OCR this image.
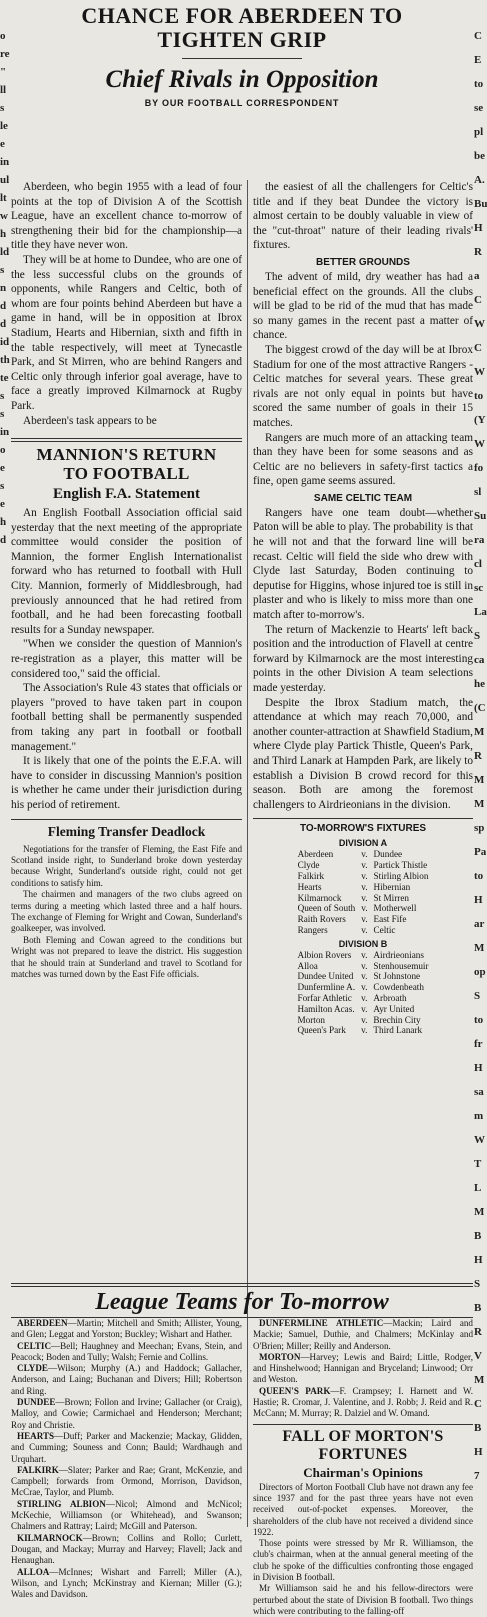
o
re
"
ll
s
le
e
in
ul
lt
w
h
ld
s
n
d
d
id
th
te
s
s
in
o
e
s
e
h
d
C
E
to
se
pl
be
A.
Bu
H
R
a
C
W
C
W
to
(Y
W
fo
sl
Su
ra
cl
sc
La
S
ca
he
(C
M
R
M
M
sp
Pa
to
H
ar
M
op
S
to
fr
H
sa
m
W
T
L
M
B
H
S
B
R
V
M
C
B
H
7
CHANCE FOR ABERDEEN TO
TIGHTEN GRIP
Chief Rivals in Opposition
BY OUR FOOTBALL CORRESPONDENT

Aberdeen, who begin 1955 with a lead of four points at the top of Division A of the Scottish League, have an excellent chance to-morrow of strengthening their bid for the championship—a title they have never won.

They will be at home to Dundee, who are one of the less successful clubs on the grounds of opponents, while Rangers and Celtic, both of whom are four points behind Aberdeen but have a game in hand, will be in opposition at Ibrox Stadium, Hearts and Hibernian, sixth and fifth in the table respectively, will meet at Tynecastle Park, and St Mirren, who are behind Rangers and Celtic only through inferior goal average, have to face a greatly improved Kilmarnock at Rugby Park.

Aberdeen's task appears to be

MANNION'S RETURN
TO FOOTBALL
English F.A. Statement

An English Football Association official said yesterday that the next meeting of the appropriate committee would consider the position of Mannion, the former English Internationalist forward who has returned to football with Hull City. Mannion, formerly of Middlesbrough, had previously announced that he had retired from football, and he had been forecasting football results for a Sunday newspaper.

"When we consider the question of Mannion's re-registration as a player, this matter will be considered too," said the official.

The Association's Rule 43 states that officials or players "proved to have taken part in coupon football betting shall be permanently suspended from taking any part in football or football management."

It is likely that one of the points the E.F.A. will have to consider in discussing Mannion's position is whether he came under their jurisdiction during his period of retirement.

Fleming Transfer Deadlock

Negotiations for the transfer of Fleming, the East Fife and Scotland inside right, to Sunderland broke down yesterday because Wright, Sunderland's outside right, could not get conditions to satisfy him.

The chairmen and managers of the two clubs agreed on terms during a meeting which lasted three and a half hours. The exchange of Fleming for Wright and Cowan, Sunderland's goalkeeper, was involved.

Both Fleming and Cowan agreed to the conditions but Wright was not prepared to leave the district. His suggestion that he should train at Sunderland and travel to Scotland for matches was turned down by the East Fife officials.

the easiest of all the challengers for Celtic's title and if they beat Dundee the victory is almost certain to be doubly valuable in view of the "cut-throat" nature of their leading rivals' fixtures.

BETTER GROUNDS

The advent of mild, dry weather has had a beneficial effect on the grounds. All the clubs will be glad to be rid of the mud that has made so many games in the recent past a matter of chance.

The biggest crowd of the day will be at Ibrox Stadium for one of the most attractive Rangers - Celtic matches for several years. These great rivals are not only equal in points but have scored the same number of goals in their 15 matches.

Rangers are much more of an attacking team than they have been for some seasons and as Celtic are no believers in safety-first tactics a fine, open game seems assured.

SAME CELTIC TEAM

Rangers have one team doubt—whether Paton will be able to play. The probability is that he will not and that the forward line will be recast. Celtic will field the side who drew with Clyde last Saturday, Boden continuing to deputise for Higgins, whose injured toe is still in plaster and who is likely to miss more than one match after to-morrow's.

The return of Mackenzie to Hearts' left back position and the introduction of Flavell at centre forward by Kilmarnock are the most interesting points in the other Division A team selections made yesterday.

Despite the Ibrox Stadium match, the attendance at which may reach 70,000, and another counter-attraction at Shawfield Stadium, where Clyde play Partick Thistle, Queen's Park, and Third Lanark at Hampden Park, are likely to establish a Division B crowd record for this season. Both are among the foremost challengers to Airdrieonians in the division.

TO-MORROW'S FIXTURES
DIVISION A
Aberdeen	v.	Dundee
Clyde	v.	Partick Thistle
Falkirk	v.	Stirling Albion
Hearts	v.	Hibernian
Kilmarnock	v.	St Mirren
Queen of South	v.	Motherwell
Raith Rovers	v.	East Fife
Rangers	v.	Celtic
DIVISION B
Albion Rovers	v.	Airdrieonians
Alloa	v.	Stenhousemuir
Dundee United	v.	St Johnstone
Dunfermline A.	v.	Cowdenbeath
Forfar Athletic	v.	Arbroath
Hamilton Acas.	v.	Ayr United
Morton	v.	Brechin City
Queen's Park	v.	Third Lanark
League Teams for To-morrow

ABERDEEN—Martin; Mitchell and Smith; Allister, Young, and Glen; Leggat and Yorston; Buckley; Wishart and Hather.

CELTIC—Bell; Haughney and Meechan; Evans, Stein, and Peacock; Boden and Tully; Walsh; Fernie and Collins.

CLYDE—Wilson; Murphy (A.) and Haddock; Gallacher, Anderson, and Laing; Buchanan and Divers; Hill; Robertson and Ring.

DUNDEE—Brown; Follon and Irvine; Gallacher (or Craig), Malloy, and Cowie; Carmichael and Henderson; Merchant; Roy and Christie.

HEARTS—Duff; Parker and Mackenzie; Mackay, Glidden, and Cumming; Souness and Conn; Bauld; Wardhaugh and Urquhart.

FALKIRK—Slater; Parker and Rae; Grant, McKenzie, and Campbell; forwards from Ormond, Morrison, Davidson, McCrae, Taylor, and Plumb.

STIRLING ALBION—Nicol; Almond and McNicol; McKechie, Williamson (or Whitehead), and Swanson; Chalmers and Rattray; Laird; McGill and Paterson.

KILMARNOCK—Brown; Collins and Rollo; Curlett, Dougan, and Mackay; Murray and Harvey; Flavell; Jack and Henaughan.

ALLOA—McInnes; Wishart and Farrell; Miller (A.), Wilson, and Lynch; McKinstray and Kiernan; Miller (G.); Wales and Davidson.

DUNFERMLINE ATHLETIC—Mackin; Laird and Mackie; Samuel, Duthie, and Chalmers; McKinlay and O'Brien; Miller; Reilly and Anderson.

MORTON—Harvey; Lewis and Baird; Little, Rodger, and Hinshelwood; Hannigan and Bryceland; Linwood; Orr and Weston.

QUEEN'S PARK—F. Crampsey; I. Harnett and W. Hastie; R. Cromar, J. Valentine, and J. Robb; J. Reid and R. McCann; M. Murray; R. Dalziel and W. Omand.

FALL OF MORTON'S
FORTUNES
Chairman's Opinions

Directors of Morton Football Club have not drawn any fee since 1937 and for the past three years have not even received out-of-pocket expenses. Moreover, the shareholders of the club have not received a dividend since 1922.

Those points were stressed by Mr R. Williamson, the club's chairman, when at the annual general meeting of the club he spoke of the difficulties confronting those engaged in Division B football.

Mr Williamson said he and his fellow-directors were perturbed about the state of Division B football. Two things which were contributing to the falling-off
